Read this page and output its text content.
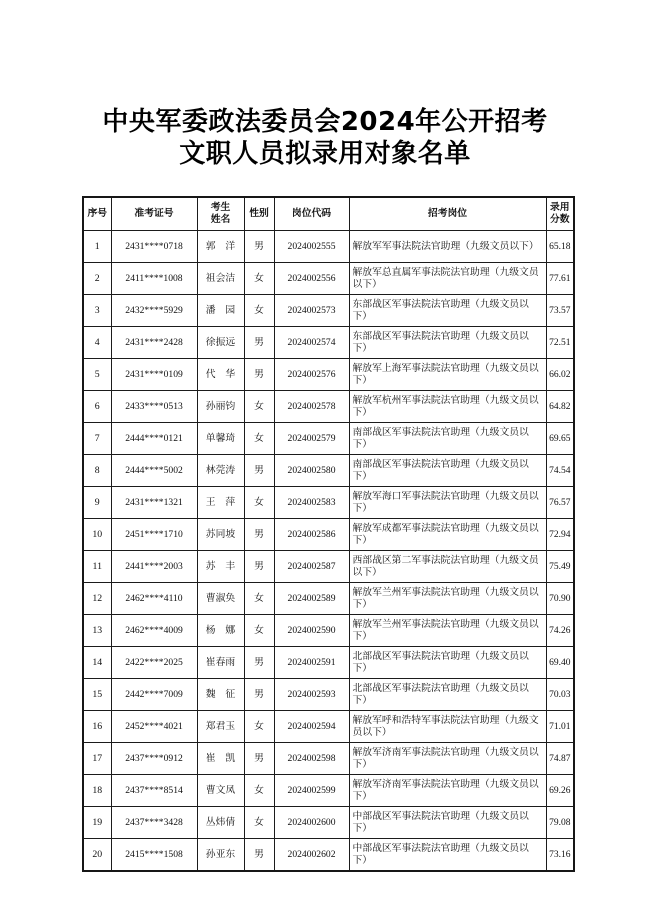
中央军委政法委员会2024年公开招考
文职人员拟录用对象名单
序号	准考证号	考生姓名	性别	岗位代码	招考岗位	录用分数
1	2431****0718	郭　洋	男	2024002555	解放军军事法院法官助理（九级文员以下）	65.18
2	2411****1008	祖会洁	女	2024002556	解放军总直属军事法院法官助理（九级文员以下）	77.61
3	2432****5929	潘　园	女	2024002573	东部战区军事法院法官助理（九级文员以下）	73.57
4	2431****2428	徐振远	男	2024002574	东部战区军事法院法官助理（九级文员以下）	72.51
5	2431****0109	代　华	男	2024002576	解放军上海军事法院法官助理（九级文员以下）	66.02
6	2433****0513	孙丽钧	女	2024002578	解放军杭州军事法院法官助理（九级文员以下）	64.82
7	2444****0121	单馨琦	女	2024002579	南部战区军事法院法官助理（九级文员以下）	69.65
8	2444****5002	林莞涛	男	2024002580	南部战区军事法院法官助理（九级文员以下）	74.54
9	2431****1321	王　萍	女	2024002583	解放军海口军事法院法官助理（九级文员以下）	76.57
10	2451****1710	苏同坡	男	2024002586	解放军成都军事法院法官助理（九级文员以下）	72.94
11	2441****2003	苏　丰	男	2024002587	西部战区第二军事法院法官助理（九级文员以下）	75.49
12	2462****4110	曹淑奂	女	2024002589	解放军兰州军事法院法官助理（九级文员以下）	70.90
13	2462****4009	杨　娜	女	2024002590	解放军兰州军事法院法官助理（九级文员以下）	74.26
14	2422****2025	崔春雨	男	2024002591	北部战区军事法院法官助理（九级文员以下）	69.40
15	2442****7009	魏　征	男	2024002593	北部战区军事法院法官助理（九级文员以下）	70.03
16	2452****4021	郑君玉	女	2024002594	解放军呼和浩特军事法院法官助理（九级文员以下）	71.01
17	2437****0912	崔　凯	男	2024002598	解放军济南军事法院法官助理（九级文员以下）	74.87
18	2437****8514	曹文凤	女	2024002599	解放军济南军事法院法官助理（九级文员以下）	69.26
19	2437****3428	丛炜倩	女	2024002600	中部战区军事法院法官助理（九级文员以下）	79.08
20	2415****1508	孙亚东	男	2024002602	中部战区军事法院法官助理（九级文员以下）	73.16
